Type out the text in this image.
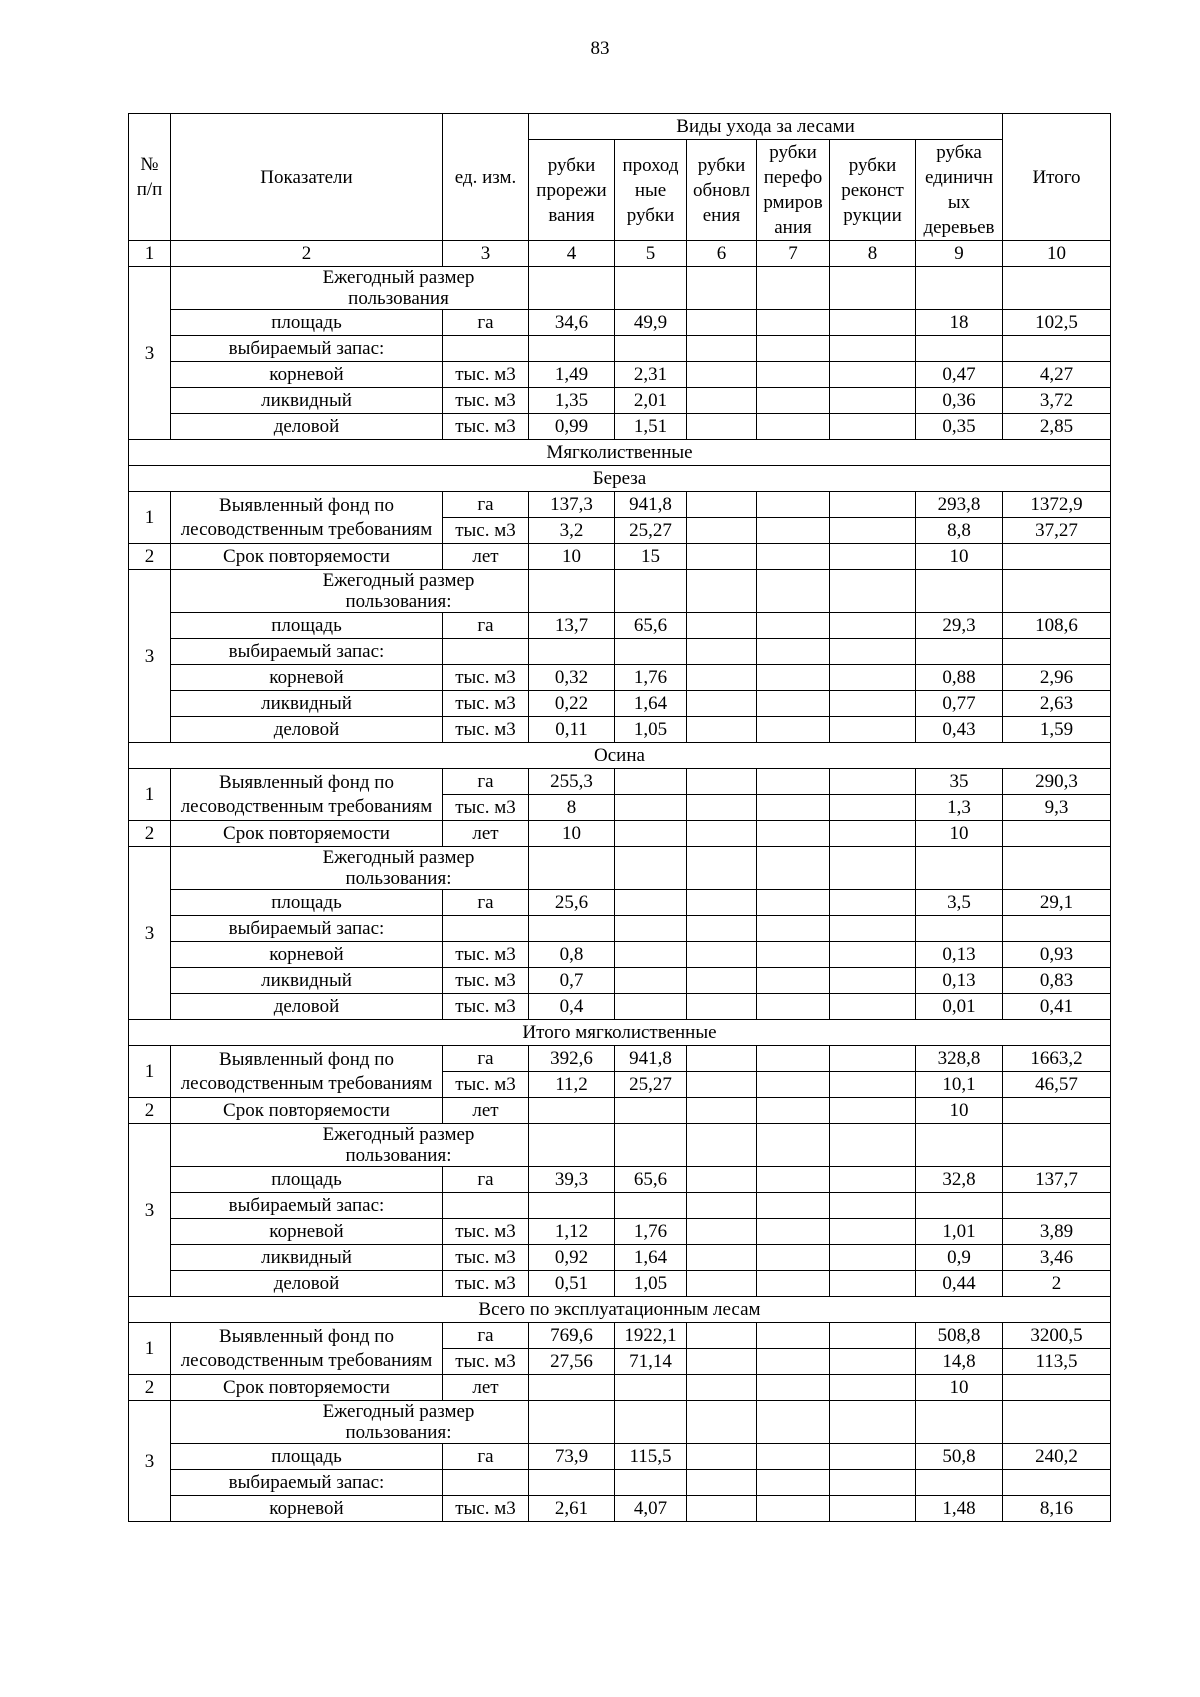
83
№ п/п	Показатели	ед. изм.	Виды ухода за лесами						Итого
			рубки прорежи вания	проход ные рубки	рубки обновл ения	рубки перефо рмиров ания	рубки реконст рукции	рубка единичн ых деревьев	
1	2	3	4	5	6	7	8	9	10
3	Ежегодный размер пользования								
	площадь	га	34,6	49,9				18	102,5
	выбираемый запас:								
	корневой	тыс. м3	1,49	2,31				0,47	4,27
	ликвидный	тыс. м3	1,35	2,01				0,36	3,72
	деловой	тыс. м3	0,99	1,51				0,35	2,85
Мягколиственные									
Береза									
1	Выявленный фонд по лесоводственным требованиям	га	137,3	941,8				293,8	1372,9
		тыс. м3	3,2	25,27				8,8	37,27
2	Срок повторяемости	лет	10	15				10	
3	Ежегодный размер пользования:								
	площадь	га	13,7	65,6				29,3	108,6
	выбираемый запас:								
	корневой	тыс. м3	0,32	1,76				0,88	2,96
	ликвидный	тыс. м3	0,22	1,64				0,77	2,63
	деловой	тыс. м3	0,11	1,05				0,43	1,59
Осина									
1	Выявленный фонд по лесоводственным требованиям	га	255,3					35	290,3
		тыс. м3	8					1,3	9,3
2	Срок повторяемости	лет	10					10	
3	Ежегодный размер пользования:								
	площадь	га	25,6					3,5	29,1
	выбираемый запас:								
	корневой	тыс. м3	0,8					0,13	0,93
	ликвидный	тыс. м3	0,7					0,13	0,83
	деловой	тыс. м3	0,4					0,01	0,41
Итого мягколиственные									
1	Выявленный фонд по лесоводственным требованиям	га	392,6	941,8				328,8	1663,2
		тыс. м3	11,2	25,27				10,1	46,57
2	Срок повторяемости	лет						10	
3	Ежегодный размер пользования:								
	площадь	га	39,3	65,6				32,8	137,7
	выбираемый запас:								
	корневой	тыс. м3	1,12	1,76				1,01	3,89
	ликвидный	тыс. м3	0,92	1,64				0,9	3,46
	деловой	тыс. м3	0,51	1,05				0,44	2
Всего по эксплуатационным лесам									
1	Выявленный фонд по лесоводственным требованиям	га	769,6	1922,1				508,8	3200,5
		тыс. м3	27,56	71,14				14,8	113,5
2	Срок повторяемости	лет						10	
3	Ежегодный размер пользования:								
	площадь	га	73,9	115,5				50,8	240,2
	выбираемый запас:								
	корневой	тыс. м3	2,61	4,07				1,48	8,16
